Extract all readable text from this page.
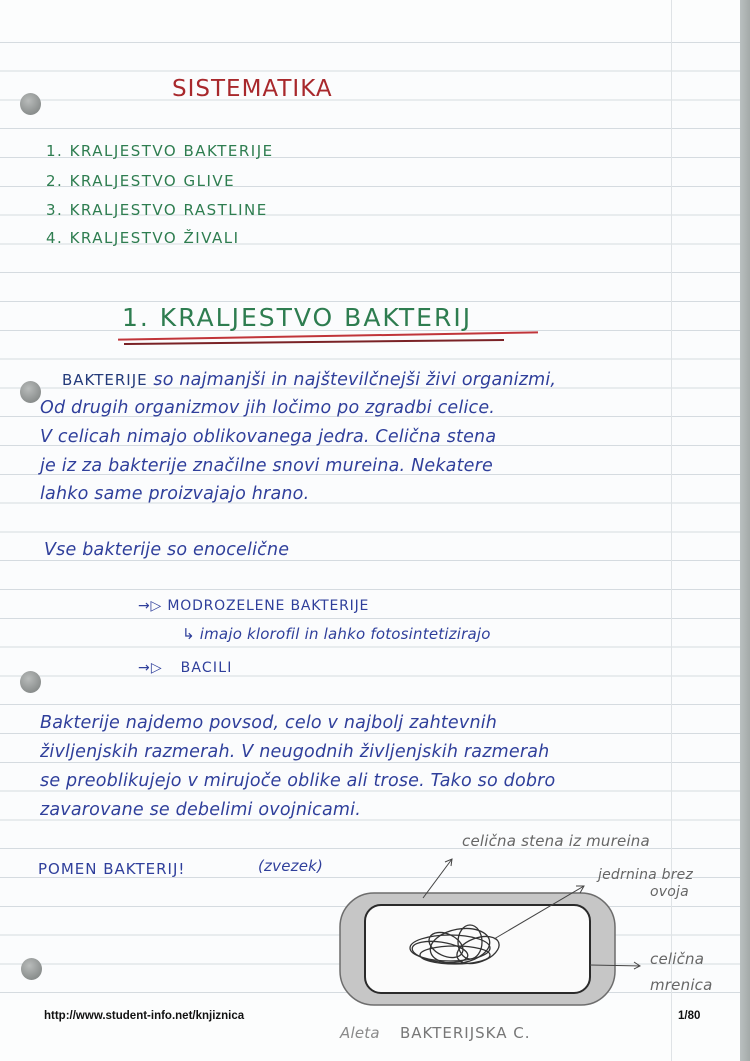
SISTEMATIKA
1. KRALJESTVO BAKTERIJE
2. KRALJESTVO GLIVE
3. KRALJESTVO RASTLINE
4. KRALJESTVO ŽIVALI
1. KRALJESTVO BAKTERIJ
BAKTERIJE so najmanjši in najštevilčnejši živi organizmi,
Od drugih organizmov jih ločimo po zgradbi celice.
V celicah nimajo oblikovanega jedra. Celična stena
je iz za bakterije značilne snovi mureina. Nekatere
lahko same proizvajajo hrano.
Vse bakterije so enocelične
→▷ MODROZELENE BAKTERIJE
↳ imajo klorofil in lahko fotosintetizirajo
→▷ BACILI
Bakterije najdemo povsod, celo v najbolj zahtevnih
življenjskih razmerah. V neugodnih življenjskih razmerah
se preoblikujejo v mirujoče oblike ali trose. Tako so dobro
zavarovane se debelimi ovojnicami.
POMEN BAKTERIJ!	(zvezek)
celična stena iz mureina
jedrnina brez
ovoja
celična
mrenica
Aleta BAKTERIJSKA C.
http://www.student-info.net/knjiznica	1/80
